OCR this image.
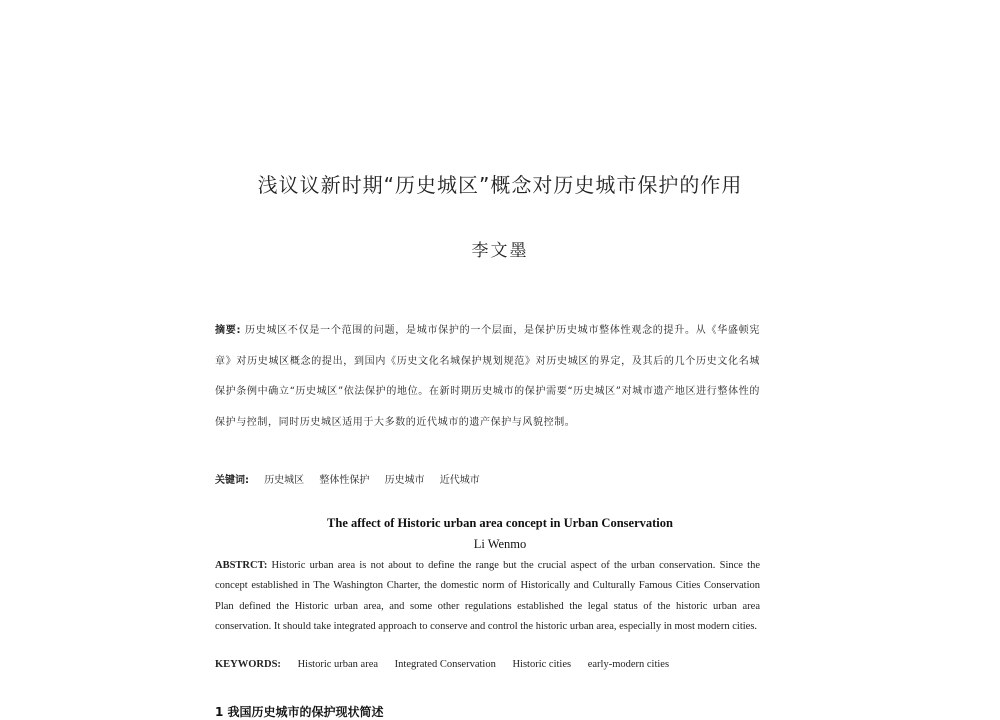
浅议议新时期“历史城区”概念对历史城市保护的作用
李文墨
摘要: 历史城区不仅是一个范围的问题，是城市保护的一个层面，是保护历史城市整体性观念的提升。从《华盛顿宪章》对历史城区概念的提出，到国内《历史文化名城保护规划规范》对历史城区的界定，及其后的几个历史文化名城保护条例中确立“历史城区”依法保护的地位。在新时期历史城市的保护需要“历史城区”对城市遗产地区进行整体性的保护与控制，同时历史城区适用于大多数的近代城市的遗产保护与风貌控制。
关键词: 历史城区 整体性保护 历史城市 近代城市
The affect of Historic urban area concept in Urban Conservation
Li Wenmo
ABSTRCT: Historic urban area is not about to define the range but the crucial aspect of the urban conservation. Since the concept established in The Washington Charter, the domestic norm of Historically and Culturally Famous Cities Conservation Plan defined the Historic urban area, and some other regulations established the legal status of the historic urban area conservation. It should take integrated approach to conserve and control the historic urban area, especially in most modern cities.
KEYWORDS: Historic urban area Integrated Conservation Historic cities early-modern cities
1 我国历史城市的保护现状简述
